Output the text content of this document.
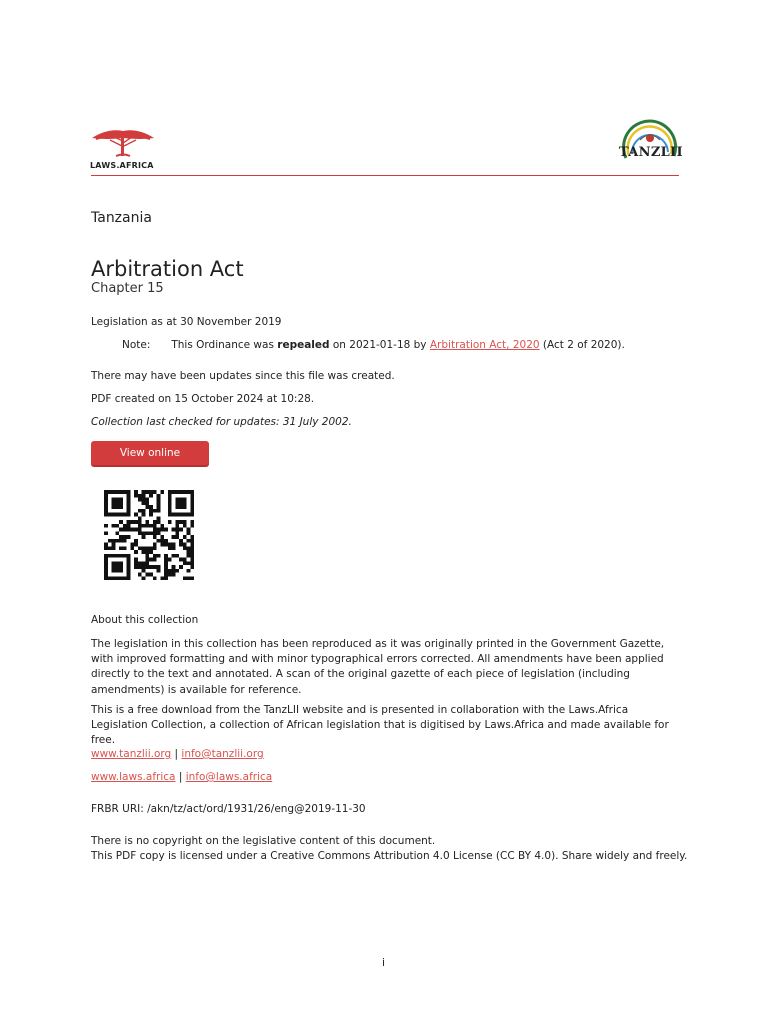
LAWS.AFRICA
TANZLII
Tanzania
Arbitration Act
Chapter 15
Legislation as at 30 November 2019
Note: This Ordinance was repealed on 2021-01-18 by Arbitration Act, 2020 (Act 2 of 2020).
There may have been updates since this file was created.
PDF created on 15 October 2024 at 10:28.
Collection last checked for updates: 31 July 2002.
View online
About this collection
The legislation in this collection has been reproduced as it was originally printed in the Government Gazette, with improved formatting and with minor typographical errors corrected. All amendments have been applied directly to the text and annotated. A scan of the original gazette of each piece of legislation (including amendments) is available for reference.
This is a free download from the TanzLII website and is presented in collaboration with the Laws.Africa Legislation Collection, a collection of African legislation that is digitised by Laws.Africa and made available for free.
www.tanzlii.org | info@tanzlii.org
www.laws.africa | info@laws.africa
FRBR URI: /akn/tz/act/ord/1931/26/eng@2019-11-30
There is no copyright on the legislative content of this document.
This PDF copy is licensed under a Creative Commons Attribution 4.0 License (CC BY 4.0). Share widely and freely.
i
